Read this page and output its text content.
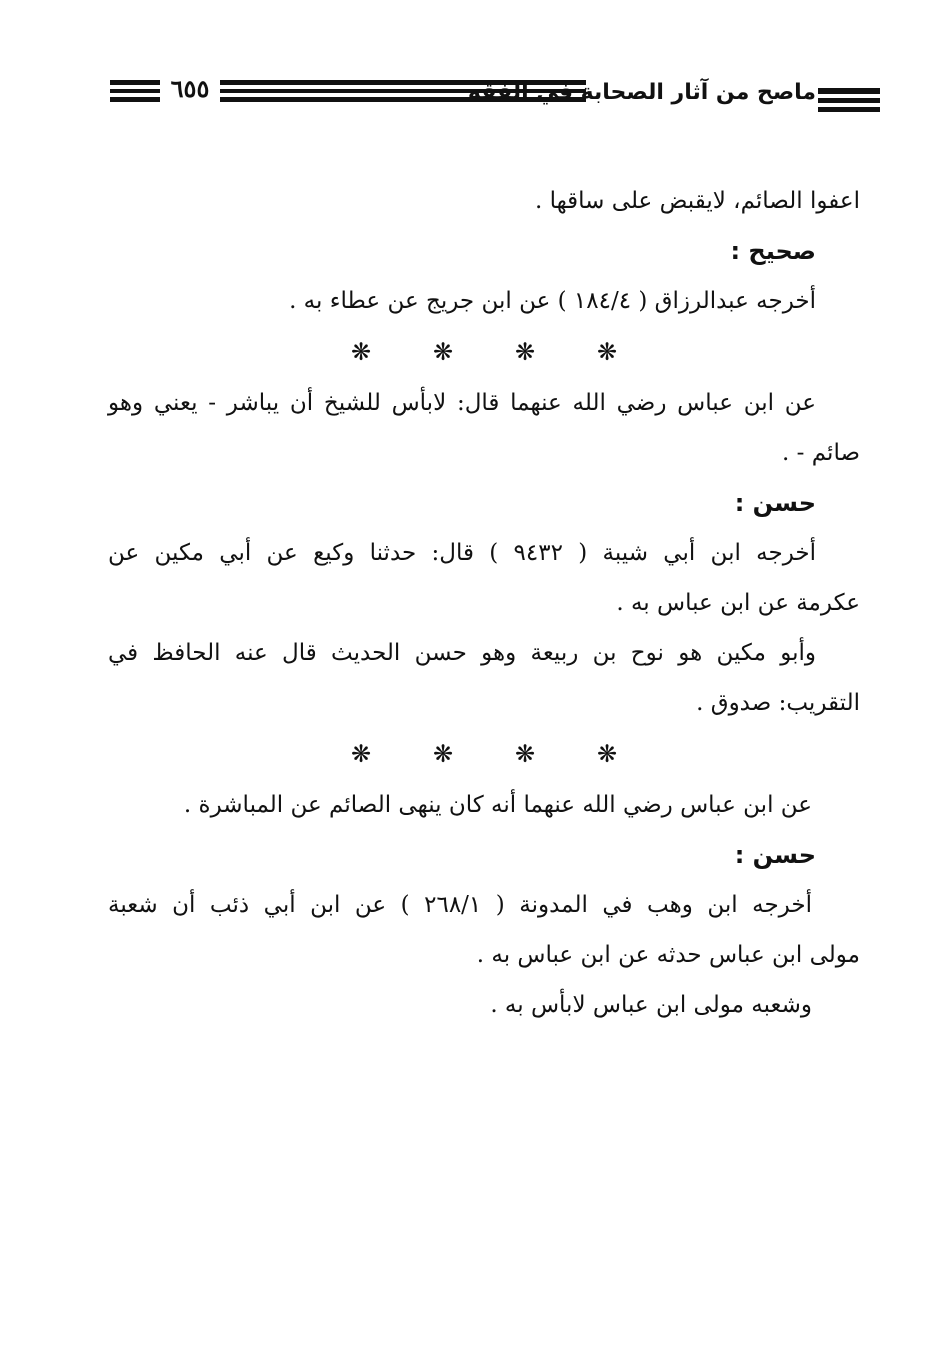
٦٥٥	ماصح من آثار الصحابة في الفقه
اعفوا الصائم، لايقبض على ساقها .
صحيح :
أخرجه عبدالرزاق ( ١٨٤/٤ ) عن ابن جريج عن عطاء به .
❋	❋	❋	❋
عن ابن عباس رضي الله عنهما قال: لابأس للشيخ أن يباشر - يعني وهو
صائم - .
حسن :
أخرجه ابن أبي شيبة ( ٩٤٣٢ ) قال: حدثنا وكيع عن أبي مكين عن
عكرمة عن ابن عباس به .
وأبو مكين هو نوح بن ربيعة وهو حسن الحديث قال عنه الحافظ في
التقريب: صدوق .
❋	❋	❋	❋
عن ابن عباس رضي الله عنهما أنه كان ينهى الصائم عن المباشرة .
حسن :
أخرجه ابن وهب في المدونة ( ٢٦٨/١ ) عن ابن أبي ذئب أن شعبة
مولى ابن عباس حدثه عن ابن عباس به .
وشعبه مولى ابن عباس لابأس به .
